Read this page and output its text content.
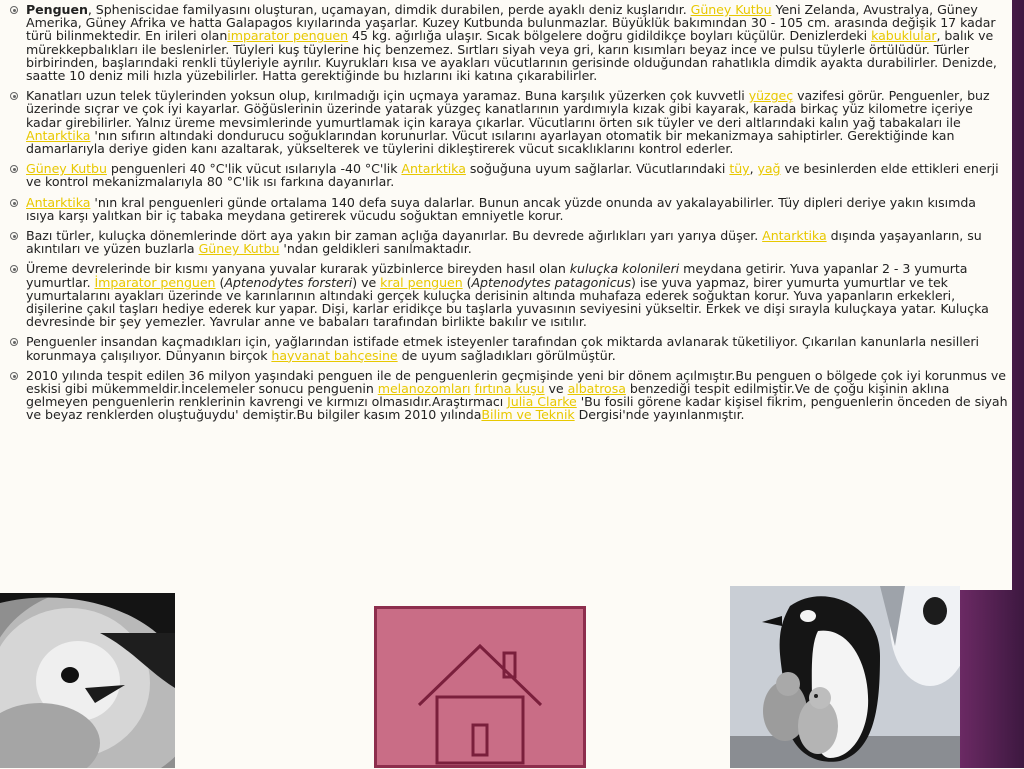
Penguen, Spheniscidae familyasını oluşturan, uçamayan, dimdik durabilen, perde ayaklı deniz kuşlarıdır. Güney Kutbu Yeni Zelanda, Avustralya, Güney Amerika, Güney Afrika ve hatta Galapagos kıyılarında yaşarlar. Kuzey Kutbunda bulunmazlar. Büyüklük bakımından 30 - 105 cm. arasında değişik 17 kadar türü bilinmektedir. En irileri olanimparator penguen 45 kg. ağırlığa ulaşır. Sıcak bölgelere doğru gidildikçe boyları küçülür. Denizlerdeki kabuklular, balık ve mürekkepbalıkları ile beslenirler. Tüyleri kuş tüylerine hiç benzemez. Sırtları siyah veya gri, karın kısımları beyaz ince ve pulsu tüylerle örtülüdür. Türler birbirinden, başlarındaki renkli tüyleriyle ayrılır. Kuyrukları kısa ve ayakları vücutlarının gerisinde olduğundan rahatlıkla dimdik ayakta durabilirler. Denizde, saatte 10 deniz mili hızla yüzebilirler. Hatta gerektiğinde bu hızlarını iki katına çıkarabilirler.
Kanatları uzun telek tüylerinden yoksun olup, kırılmadığı için uçmaya yaramaz. Buna karşılık yüzerken çok kuvvetli yüzgeç vazifesi görür. Penguenler, buz üzerinde sıçrar ve çok iyi kayarlar. Göğüslerinin üzerinde yatarak yüzgeç kanatlarının yardımıyla kızak gibi kayarak, karada birkaç yüz kilometre içeriye kadar girebilirler. Yalnız üreme mevsimlerinde yumurtlamak için karaya çıkarlar. Vücutlarını örten sık tüyler ve deri altlarındaki kalın yağ tabakaları ile Antarktika 'nın sıfırın altındaki dondurucu soğuklarından korunurlar. Vücut ısılarını ayarlayan otomatik bir mekanizmaya sahiptirler. Gerektiğinde kan damarlarıyla deriye giden kanı azaltarak, yükselterek ve tüylerini dikleştirerek vücut sıcaklıklarını kontrol ederler.
Güney Kutbu penguenleri 40 °C'lik vücut ısılarıyla -40 °C'lik Antarktika soğuğuna uyum sağlarlar. Vücutlarındaki tüy, yağ ve besinlerden elde ettikleri enerji ve kontrol mekanizmalarıyla 80 °C'lik ısı farkına dayanırlar.
Antarktika 'nın kral penguenleri günde ortalama 140 defa suya dalarlar. Bunun ancak yüzde onunda av yakalayabilirler. Tüy dipleri deriye yakın kısımda ısıya karşı yalıtkan bir iç tabaka meydana getirerek vücudu soğuktan emniyetle korur.
Bazı türler, kuluçka dönemlerinde dört aya yakın bir zaman açlığa dayanırlar. Bu devrede ağırlıkları yarı yarıya düşer. Antarktika dışında yaşayanların, su akıntıları ve yüzen buzlarla Güney Kutbu 'ndan geldikleri sanılmaktadır.
Üreme devrelerinde bir kısmı yanyana yuvalar kurarak yüzbinlerce bireyden hasıl olan kuluçka kolonileri meydana getirir. Yuva yapanlar 2 - 3 yumurta yumurtlar. İmparator penguen (Aptenodytes forsteri) ve kral penguen (Aptenodytes patagonicus) ise yuva yapmaz, birer yumurta yumurtlar ve tek yumurtalarını ayakları üzerinde ve karınlarının altındaki gerçek kuluçka derisinin altında muhafaza ederek soğuktan korur. Yuva yapanların erkekleri, dişilerine çakıl taşları hediye ederek kur yapar. Dişi, karlar eridikçe bu taşlarla yuvasının seviyesini yükseltir. Erkek ve dişi sırayla kuluçkaya yatar. Kuluçka devresinde bir şey yemezler. Yavrular anne ve babaları tarafından birlikte bakılır ve ısıtılır.
Penguenler insandan kaçmadıkları için, yağlarından istifade etmek isteyenler tarafından çok miktarda avlanarak tüketiliyor. Çıkarılan kanunlarla nesilleri korunmaya çalışılıyor. Dünyanın birçok hayvanat bahçesine de uyum sağladıkları görülmüştür.
2010 yılında tespit edilen 36 milyon yaşındaki penguen ile de penguenlerin geçmişinde yeni bir dönem açılmıştır.Bu penguen o bölgede çok iyi korunmus ve eskisi gibi mükemmeldir.İncelemeler sonucu penguenin melanozomları fırtına kuşu ve albatrosa benzediği tespit edilmiştir.Ve de çoğu kişinin aklına gelmeyen penguenlerin renklerinin kavrengi ve kırmızı olmasıdır.Araştırmacı Julia Clarke 'Bu fosili görene kadar kişisel fikrim, penguenlerin önceden de siyah ve beyaz renklerden oluştuğuydu' demiştir.Bu bilgiler kasım 2010 yılındaBilim ve Teknik Dergisi'nde yayınlanmıştır.
